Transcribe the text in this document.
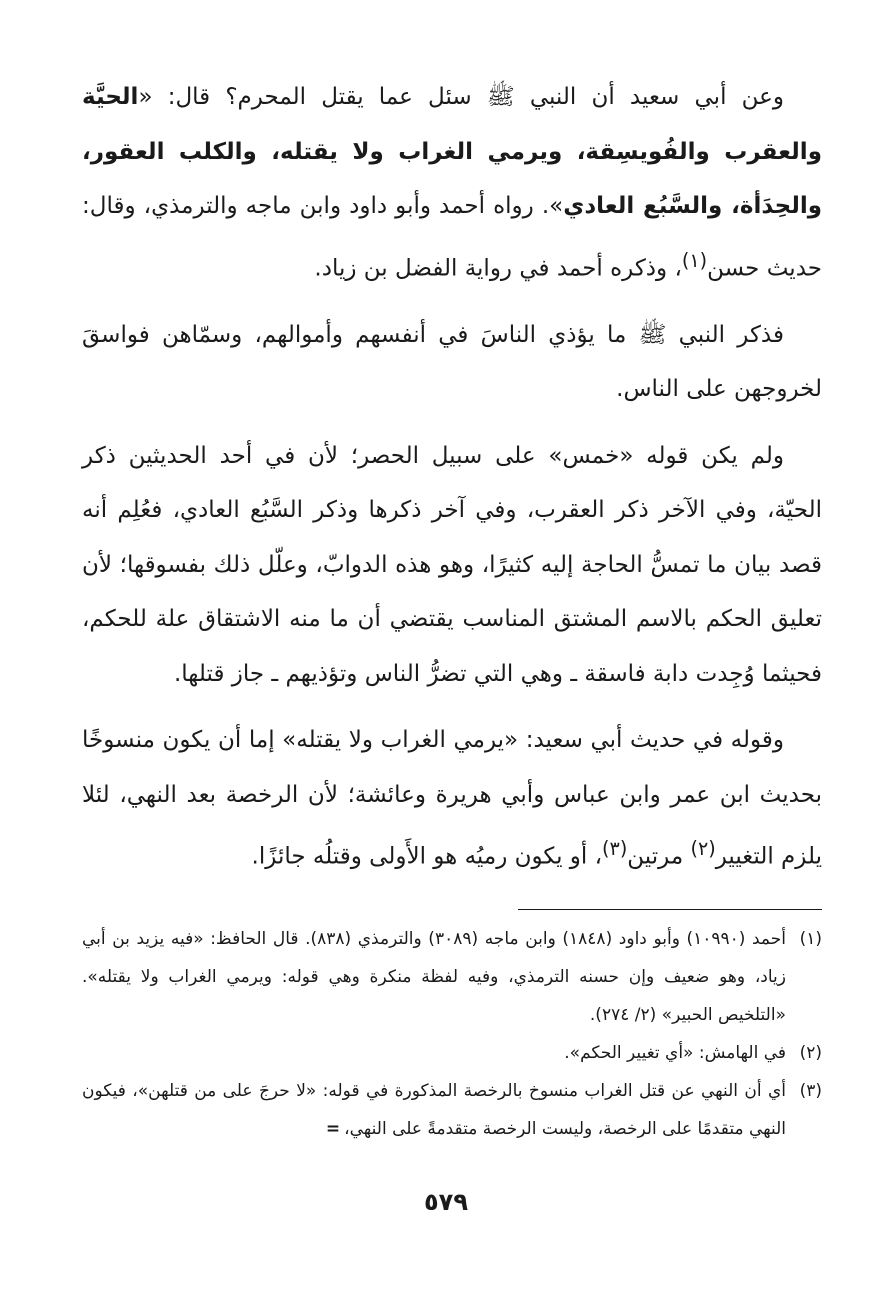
وعن أبي سعيد أن النبي ﷺ سئل عما يقتل المحرم؟ قال: «الحيَّة والعقرب والفُويسِقة، ويرمي الغراب ولا يقتله، والكلب العقور، والحِدَأة، والسَّبُع العادي». رواه أحمد وأبو داود وابن ماجه والترمذي، وقال: حديث حسن$^{(١)}$، وذكره أحمد في رواية الفضل بن زياد.

فذكر النبي ﷺ ما يؤذي الناسَ في أنفسهم وأموالهم، وسمّاهن فواسقَ لخروجهن على الناس.

ولم يكن قوله «خمس» على سبيل الحصر؛ لأن في أحد الحديثين ذكر الحيّة، وفي الآخر ذكر العقرب، وفي آخر ذكرها وذكر السَّبُع العادي، فعُلِم أنه قصد بيان ما تمسُّ الحاجة إليه كثيرًا، وهو هذه الدوابّ، وعلّل ذلك بفسوقها؛ لأن تعليق الحكم بالاسم المشتق المناسب يقتضي أن ما منه الاشتقاق علة للحكم، فحيثما وُجِدت دابة فاسقة ـ وهي التي تضرُّ الناس وتؤذيهم ـ جاز قتلها.

وقوله في حديث أبي سعيد: «يرمي الغراب ولا يقتله» إما أن يكون منسوخًا بحديث ابن عمر وابن عباس وأبي هريرة وعائشة؛ لأن الرخصة بعد النهي، لئلا يلزم التغيير$^{(٢)}$ مرتين$^{(٣)}$، أو يكون رميُه هو الأَولى وقتلُه جائزًا.

(١)
أحمد (١٠٩٩٠) وأبو داود (١٨٤٨) وابن ماجه (٣٠٨٩) والترمذي (٨٣٨). قال الحافظ: «فيه يزيد بن أبي زياد، وهو ضعيف وإن حسنه الترمذي، وفيه لفظة منكرة وهي قوله: ويرمي الغراب ولا يقتله». «التلخيص الحبير» (٢/ ٢٧٤).
(٢)
في الهامش: «أي تغيير الحكم».
(٣)
أي أن النهي عن قتل الغراب منسوخ بالرخصة المذكورة في قوله: «لا حرجَ على من قتلهن»، فيكون النهي متقدمًا على الرخصة، وليست الرخصة متقدمةً على النهي،=
٥٧٩
